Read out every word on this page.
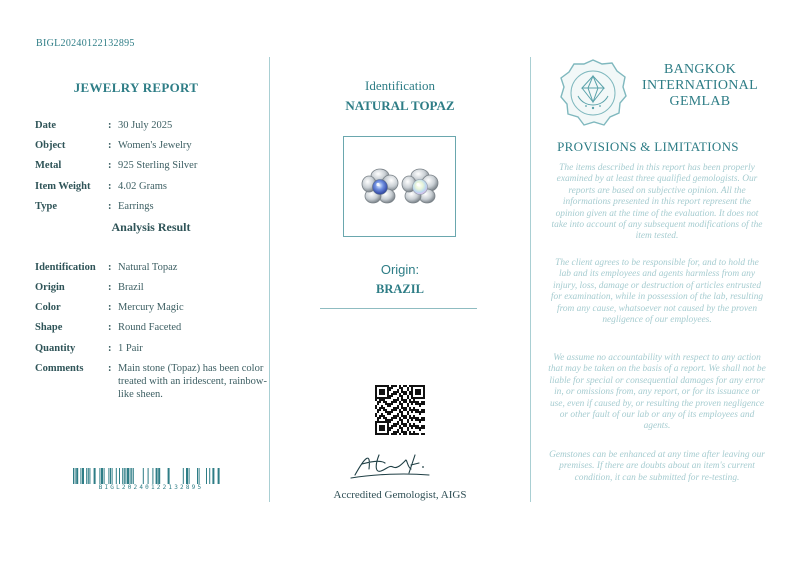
BIGL20240122132895
JEWELRY REPORT
Date	: 30 July 2025
Object	: Women's Jewelry
Metal	: 925 Sterling Silver
Item Weight : 4.02 Grams
Type	: Earrings
Analysis Result
Identification : Natural Topaz
Origin	: Brazil
Color	: Mercury Magic
Shape	: Round Faceted
Quantity	: 1 Pair
Comments : Main stone (Topaz) has been color treated with an iridescent, rainbow- like sheen.
BIGL20240122132895
Identification
NATURAL TOPAZ
Origin:
BRAZIL
Accredited Gemologist, AIGS
BANGKOK
INTERNATIONAL
GEMLAB
PROVISIONS & LIMITATIONS
The items described in this report has been properly examined by at least three qualified gemologists. Our reports are based on subjective opinion. All the informations presented in this report represent the opinion given at the time of the evaluation. It does not take into account of any subsequent modifications of the item tested.
The client agrees to be responsible for, and to hold the lab and its employees and agents harmless from any injury, loss, damage or destruction of articles entrusted for examination, while in possession of the lab, resulting from any cause, whatsoever not caused by the proven negligence of our employees.
We assume no accountability with respect to any action that may be taken on the basis of a report. We shall not be liable for special or consequential damages for any error in, or omissions from, any report, or for its issuance or use, even if caused by, or resulting the proven negligence or other fault of our lab or any of its employees and agents.
Gemstones can be enhanced at any time after leaving our premises. If there are doubts about an item's current condition, it can be submitted for re-testing.
